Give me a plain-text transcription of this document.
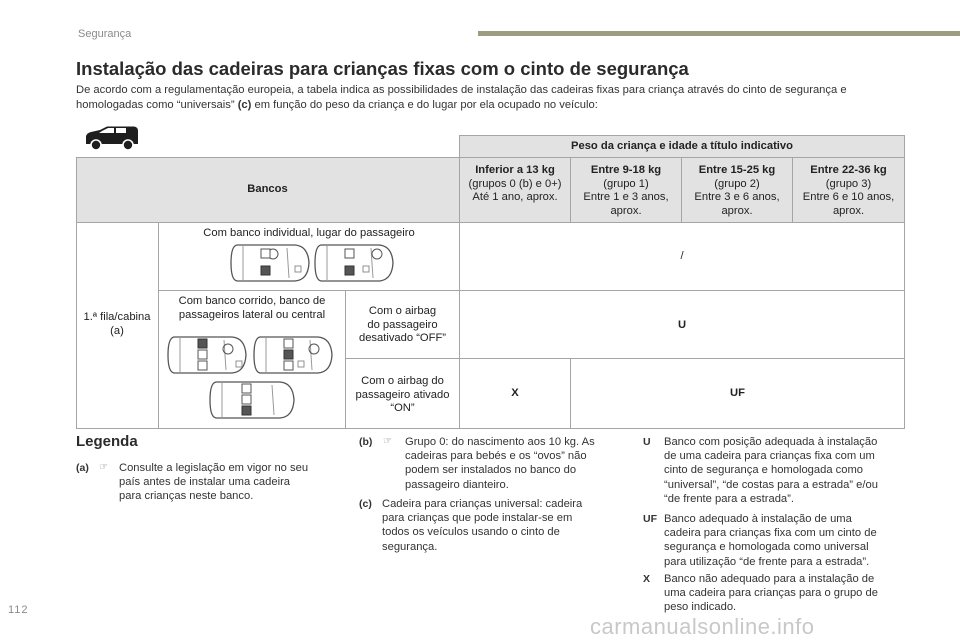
Segurança
Instalação das cadeiras para crianças fixas com o cinto de segurança
De acordo com a regulamentação europeia, a tabela indica as possibilidades de instalação das cadeiras fixas para criança através do cinto de segurança e homologadas como “universais” (c) em função do peso da criança e do lugar por ela ocupado no veículo:
Peso da criança e idade a título indicativo
Bancos
Inferior a 13 kg
(grupos 0 (b) e 0+)
Até 1 ano, aprox.
Entre 9-18 kg
(grupo 1)
Entre 1 e 3 anos,
aprox.
Entre 15-25 kg
(grupo 2)
Entre 3 e 6 anos,
aprox.
Entre 22-36 kg
(grupo 3)
Entre 6 e 10 anos,
aprox.
1.ª fila/cabina
(a)
Com banco individual, lugar do passageiro
/
Com banco corrido, banco de
passageiros lateral ou central	Com o airbag
do passageiro
desativado “OFF”
U
Com o airbag do
passageiro ativado
“ON”
X	UF
Legenda
(a) ☞ Consulte a legislação em vigor no seu
país antes de instalar uma cadeira
para crianças neste banco.
(b) ☞ Grupo 0: do nascimento aos 10 kg. As
cadeiras para bebés e os “ovos” não
podem ser instalados no banco do
passageiro dianteiro.
(c) Cadeira para crianças universal: cadeira
para crianças que pode instalar-se em
todos os veículos usando o cinto de
segurança.
U Banco com posição adequada à instalação
de uma cadeira para crianças fixa com um
cinto de segurança e homologada como
“universal”, “de costas para a estrada” e/ou
“de frente para a estrada”.
UF Banco adequado à instalação de uma
cadeira para crianças fixa com um cinto de
segurança e homologada como universal
para utilização “de frente para a estrada”.
X Banco não adequado para a instalação de
uma cadeira para crianças para o grupo de
peso indicado.
112
carmanualsonline.info
